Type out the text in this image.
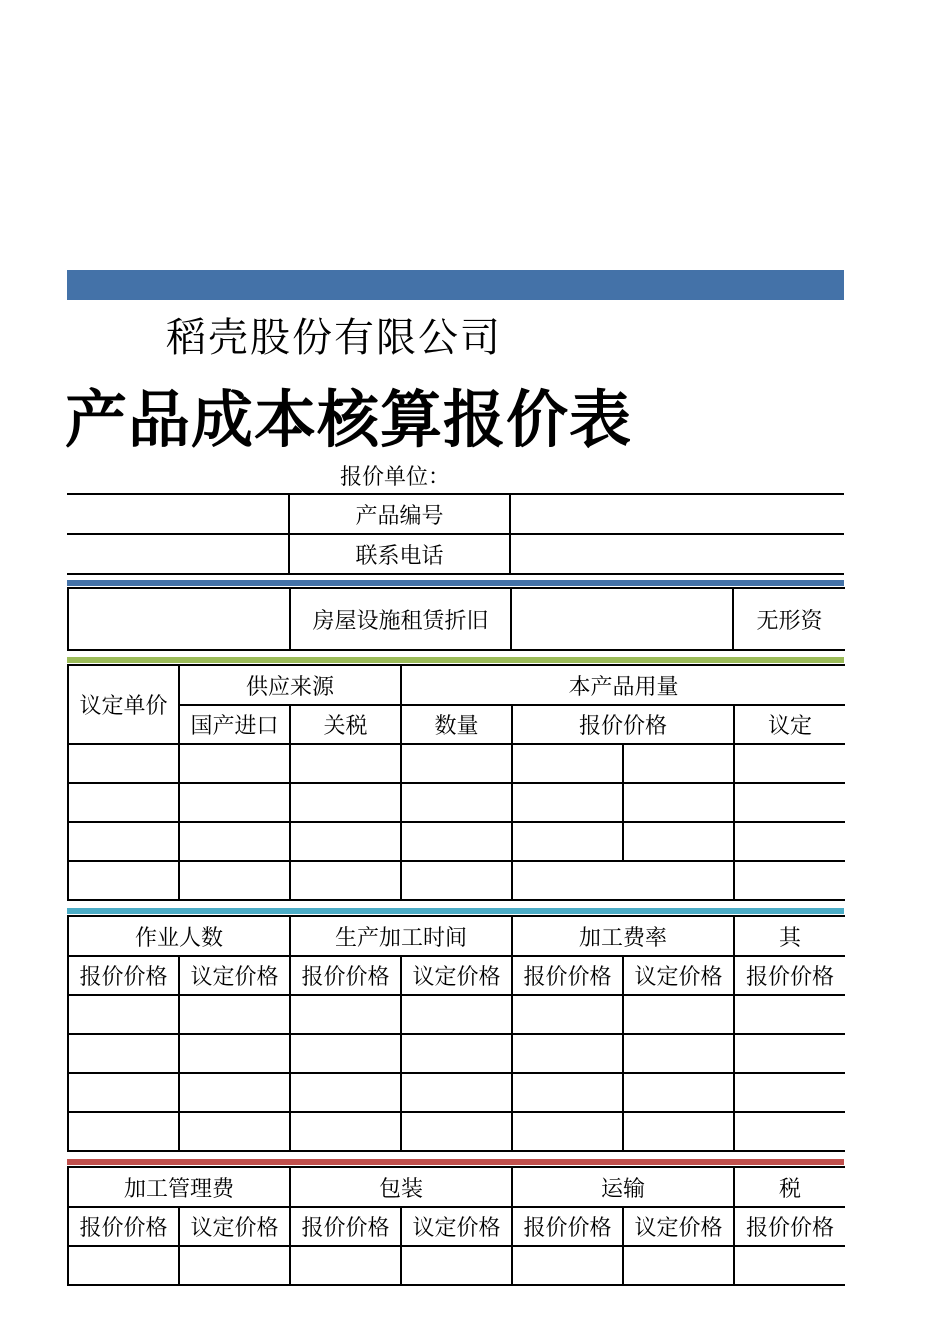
稻壳股份有限公司
产品成本核算报价表
报价单位：
	产品编号	
	联系电话	
	房屋设施租赁折旧		无形资
议定单价	供应来源		本产品用量			
	国产进口	关税	数量	报价价格		议定

作业人数		生产加工时间		加工费率		其
报价价格	议定价格	报价价格	议定价格	报价价格	议定价格	报价价格

加工管理费		包装		运输		税
报价价格	议定价格	报价价格	议定价格	报价价格	议定价格	报价价格
